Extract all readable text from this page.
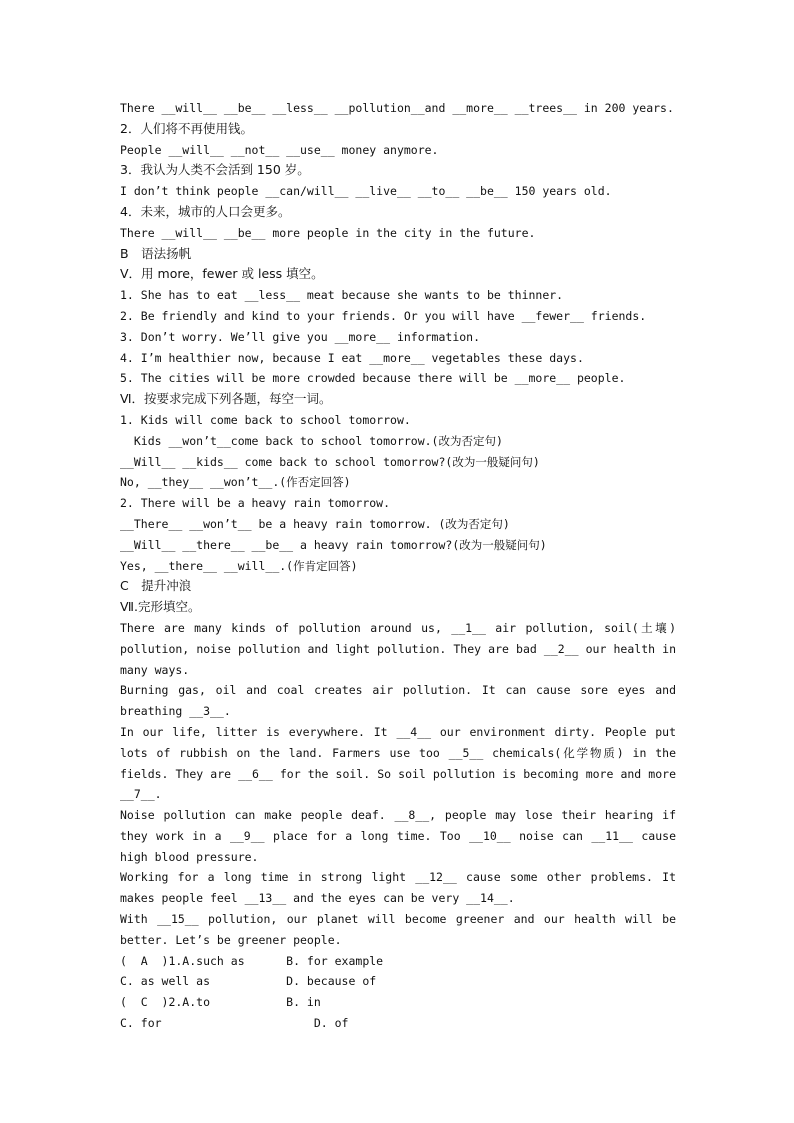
There __will__ __be__ __less__ __pollution__and __more__ __trees__ in 200 years.
2．人们将不再使用钱。
People __will__ __not__ __use__ money anymore.
3．我认为人类不会活到 150 岁。
I don’t think people __can/will__ __live__ __to__ __be__ 150 years old.
4．未来，城市的人口会更多。
There __will__ __be__ more people in the city in the future.
B　语法扬帆
Ⅴ．用 more，fewer 或 less 填空。
1. She has to eat __less__ meat because she wants to be thinner.
2. Be friendly and kind to your friends. Or you will have __fewer__ friends.
3. Don’t worry. We’ll give you __more__ information.
4. I’m healthier now, because I eat __more__ vegetables these days.
5. The cities will be more crowded because there will be __more__ people.
Ⅵ．按要求完成下列各题，每空一词。
1. Kids will come back to school tomorrow.
Kids __won’t__come back to school tomorrow.(改为否定句)
__Will__ __kids__ come back to school tomorrow?(改为一般疑问句)
No, __they__ __won’t__.(作否定回答)
2. There will be a heavy rain tomorrow.
__There__ __won’t__ be a heavy rain tomorrow. (改为否定句)
__Will__ __there__ __be__ a heavy rain tomorrow?(改为一般疑问句)
Yes, __there__ __will__.(作肯定回答)
C　提升冲浪
Ⅶ.完形填空。
There are many kinds of pollution around us, __1__ air pollution, soil(土壤) pollution, noise pollution and light pollution. They are bad __2__ our health in many ways.
Burning gas, oil and coal creates air pollution. It can cause sore eyes and breathing __3__.
In our life, litter is everywhere. It __4__ our environment dirty. People put lots of rubbish on the land. Farmers use too __5__ chemicals(化学物质) in the fields. They are __6__ for the soil. So soil pollution is becoming more and more __7__.
Noise pollution can make people deaf. __8__, people may lose their hearing if they work in a __9__ place for a long time. Too __10__ noise can __11__ cause high blood pressure.
Working for a long time in strong light __12__ cause some other problems. It makes people feel __13__ and the eyes can be very __14__.
With __15__ pollution, our planet will become greener and our health will be better. Let’s be greener people.
(  A  )1.A.such as      B. for example
C. as well as           D. because of
(  C  )2.A.to           B. in
C. for                      D. of
